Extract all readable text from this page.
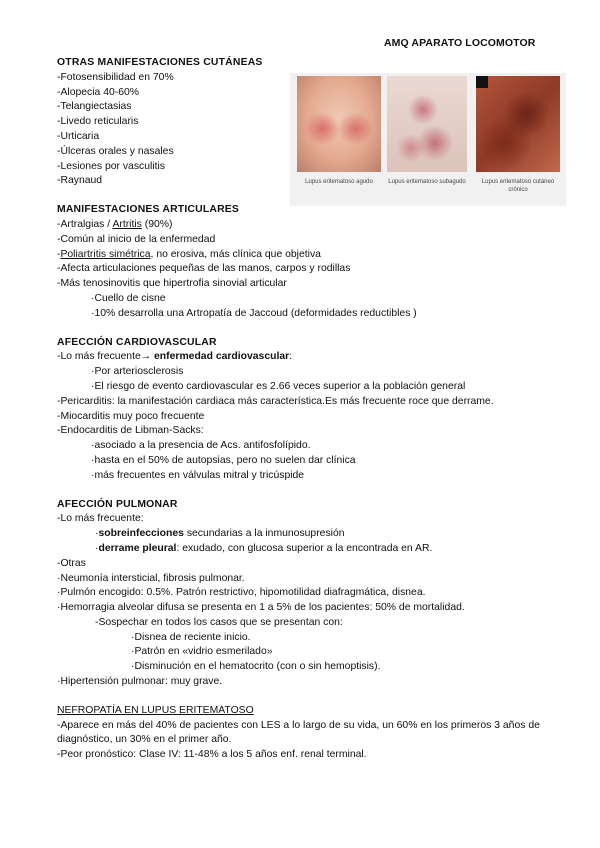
AMQ APARATO LOCOMOTOR
Lupus eritematoso agudo	Lupus eritematoso subagudo	Lupus eritematoso cutáneo crónico
OTRAS MANIFESTACIONES CUTÁNEAS
-Fotosensibilidad en 70%
-Alopecia 40-60%
-Telangiectasias
-Livedo reticularis
-Urticaria
-Úlceras orales y nasales
-Lesiones por vasculitis
-Raynaud
MANIFESTACIONES ARTICULARES
-Artralgias / Artritis (90%)
-Común al inicio de la enfermedad
-Poliartritis simétrica, no erosiva, más clínica que objetiva
-Afecta articulaciones pequeñas de las manos, carpos y rodillas
-Más tenosinovitis que hipertrofia sinovial articular
·Cuello de cisne
·10% desarrolla una Artropatía de Jaccoud (deformidades reductibles )
AFECCIÓN CARDIOVASCULAR
-Lo más frecuente→ enfermedad cardiovascular:
·Por arteriosclerosis
·El riesgo de evento cardiovascular es 2.66 veces superior a la población general
-Pericarditis: la manifestación cardiaca más característica.Es más frecuente roce que derrame.
-Miocarditis muy poco frecuente
-Endocarditis de Libman-Sacks:
·asociado a la presencia de Acs. antifosfolípido.
·hasta en el 50% de autopsias, pero no suelen dar clínica
·más frecuentes en válvulas mitral y tricúspide
AFECCIÓN PULMONAR
-Lo más frecuente:
·sobreinfecciones secundarias a la inmunosupresión
·derrame pleural: exudado, con glucosa superior a la encontrada en AR.
-Otras
·Neumonía intersticial, fibrosis pulmonar.
·Pulmón encogido: 0.5%. Patrón restrictivo, hipomotilidad diafragmática, disnea.
·Hemorragia alveolar difusa se presenta en 1 a 5% de los pacientes: 50% de mortalidad.
-Sospechar en todos los casos que se presentan con:
·Disnea de reciente inicio.
·Patrón en «vidrio esmerilado»
·Disminución en el hematocrito (con o sin hemoptisis).
·Hipertensión pulmonar: muy grave.
NEFROPATÍA EN LUPUS ERITEMATOSO
-Aparece en más del 40% de pacientes con LES a lo largo de su vida, un 60% en los primeros 3 años de diagnóstico, un 30% en el primer año.
-Peor pronóstico: Clase IV: 11-48% a los 5 años enf. renal terminal.
